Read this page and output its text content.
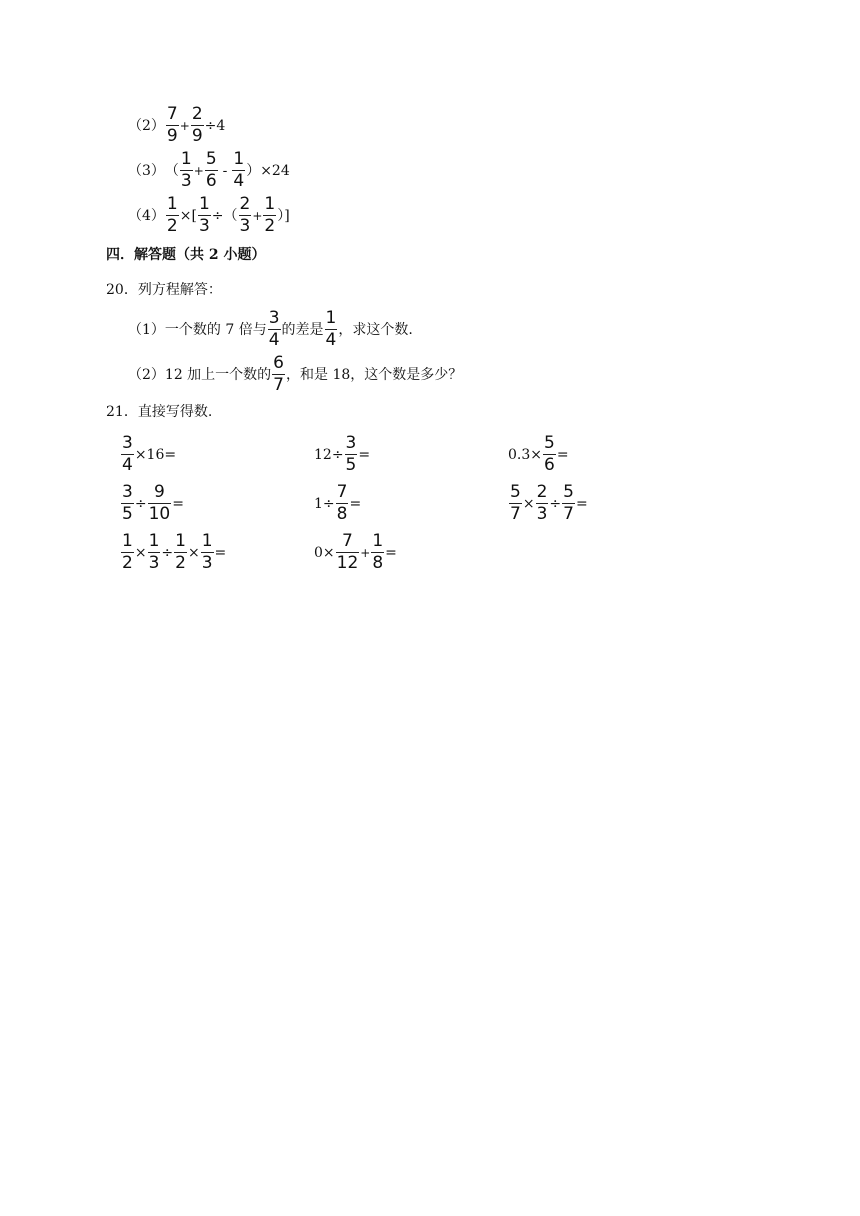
$(2) \frac{7}{9} + \frac{2}{9} \div 4$
（3） （ $\frac{1}{3} + \frac{5}{6} - \frac{1}{4} )\times 24$
$(4) \frac{1}{2}$ ×[ $\frac{1}{3}$ ÷（ $\frac{2}{3} + \frac{1}{2}$ ）]
四．解答题（共 2 小题）
20．列方程解答：
（1）一个数的 7 倍与 $\frac{3}{4}$ 的差是 $\frac{1}{4}$ ，求这个数.
（2）12 加上一个数的 $\frac{6}{7}$ ，和是 18，这个数是多少？
21．直接写得数.
$\frac{3}{4} \times 16=$	$12\div \frac{3}{5}$ =	$0.3\times \frac{5}{6}$ =
$\frac{3}{5} \div \frac{9}{10}$ =	$1\div \frac{7}{8}$ =	$\frac{5}{7} \times \frac{2}{3} \div \frac{5}{7}$ =
$\frac{1}{2} \times \frac{1}{3} \div \frac{1}{2} \times \frac{1}{3}$ =	$0\times \frac{7}{12} + \frac{1}{8}$ =
